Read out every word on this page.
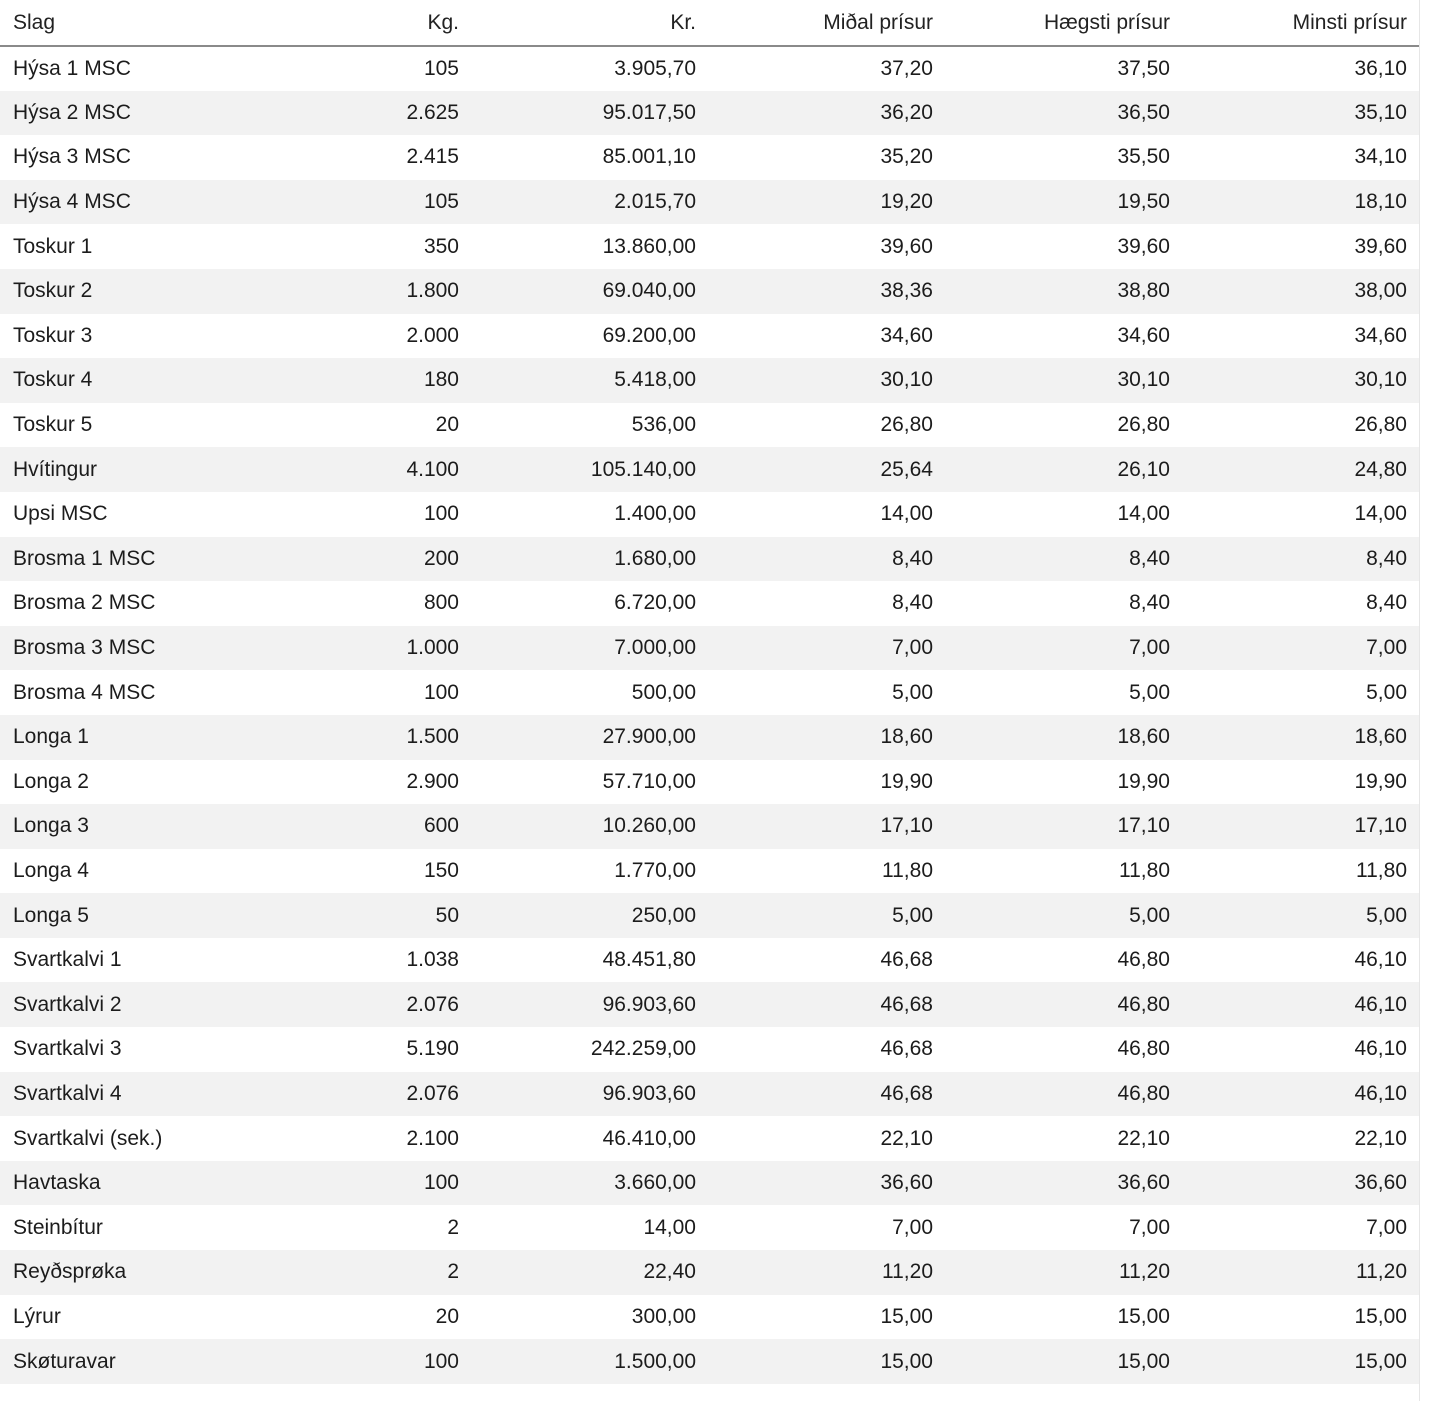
Slag	Kg.	Kr.	Miðal prísur	Hægsti prísur	Minsti prísur
Hýsa 1 MSC	105	3.905,70	37,20	37,50	36,10
Hýsa 2 MSC	2.625	95.017,50	36,20	36,50	35,10
Hýsa 3 MSC	2.415	85.001,10	35,20	35,50	34,10
Hýsa 4 MSC	105	2.015,70	19,20	19,50	18,10
Toskur 1	350	13.860,00	39,60	39,60	39,60
Toskur 2	1.800	69.040,00	38,36	38,80	38,00
Toskur 3	2.000	69.200,00	34,60	34,60	34,60
Toskur 4	180	5.418,00	30,10	30,10	30,10
Toskur 5	20	536,00	26,80	26,80	26,80
Hvítingur	4.100	105.140,00	25,64	26,10	24,80
Upsi MSC	100	1.400,00	14,00	14,00	14,00
Brosma 1 MSC	200	1.680,00	8,40	8,40	8,40
Brosma 2 MSC	800	6.720,00	8,40	8,40	8,40
Brosma 3 MSC	1.000	7.000,00	7,00	7,00	7,00
Brosma 4 MSC	100	500,00	5,00	5,00	5,00
Longa 1	1.500	27.900,00	18,60	18,60	18,60
Longa 2	2.900	57.710,00	19,90	19,90	19,90
Longa 3	600	10.260,00	17,10	17,10	17,10
Longa 4	150	1.770,00	11,80	11,80	11,80
Longa 5	50	250,00	5,00	5,00	5,00
Svartkalvi 1	1.038	48.451,80	46,68	46,80	46,10
Svartkalvi 2	2.076	96.903,60	46,68	46,80	46,10
Svartkalvi 3	5.190	242.259,00	46,68	46,80	46,10
Svartkalvi 4	2.076	96.903,60	46,68	46,80	46,10
Svartkalvi (sek.)	2.100	46.410,00	22,10	22,10	22,10
Havtaska	100	3.660,00	36,60	36,60	36,60
Steinbítur	2	14,00	7,00	7,00	7,00
Reyðsprøka	2	22,40	11,20	11,20	11,20
Lýrur	20	300,00	15,00	15,00	15,00
Skøturavar	100	1.500,00	15,00	15,00	15,00
